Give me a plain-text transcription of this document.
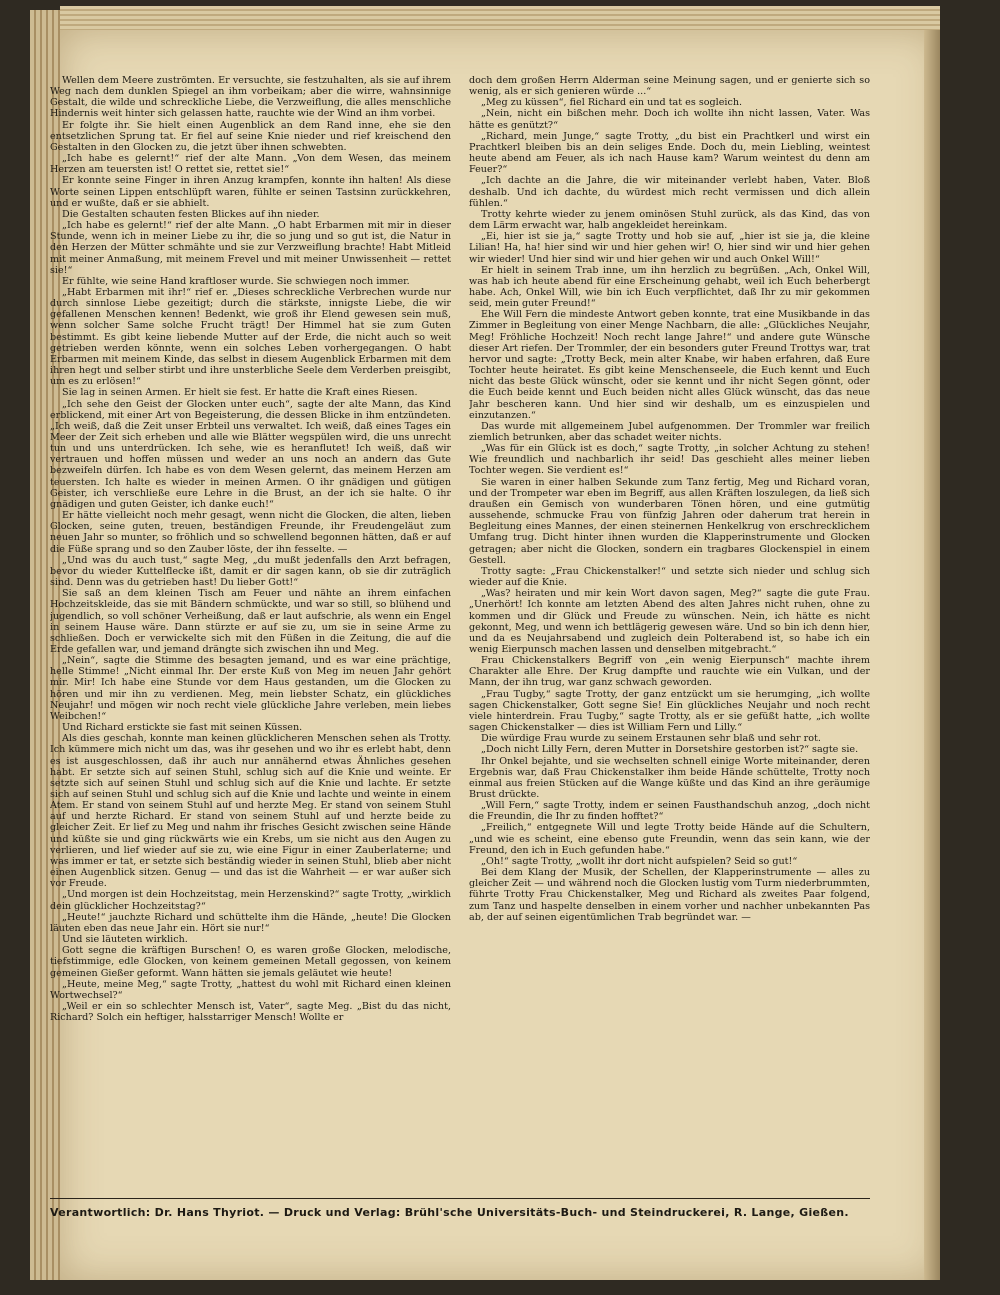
Wellen dem Meere zuströmten. Er versuchte, sie festzuhalten, als sie auf ihrem Weg nach dem dunklen Spiegel an ihm vorbeikam; aber die wirre, wahnsinnige Gestalt, die wilde und schreckliche Liebe, die Verzweiflung, die alles menschliche Hindernis weit hinter sich gelassen hatte, rauchte wie der Wind an ihm vorbei.

Er folgte ihr. Sie hielt einen Augenblick an dem Rand inne, ehe sie den entsetzlichen Sprung tat. Er fiel auf seine Knie nieder und rief kreischend den Gestalten in den Glocken zu, die jetzt über ihnen schwebten.

„Ich habe es gelernt!“ rief der alte Mann. „Von dem Wesen, das meinem Herzen am teuersten ist! O rettet sie, rettet sie!“

Er konnte seine Finger in ihren Anzug krampfen, konnte ihn halten! Als diese Worte seinen Lippen entschlüpft waren, fühlte er seinen Tastsinn zurückkehren, und er wußte, daß er sie abhielt.

Die Gestalten schauten festen Blickes auf ihn nieder.

„Ich habe es gelernt!“ rief der alte Mann. „O habt Erbarmen mit mir in dieser Stunde, wenn ich in meiner Liebe zu ihr, die so jung und so gut ist, die Natur in den Herzen der Mütter schmähte und sie zur Verzweiflung brachte! Habt Mitleid mit meiner Anmaßung, mit meinem Frevel und mit meiner Unwissenheit — rettet sie!“

Er fühlte, wie seine Hand kraftloser wurde. Sie schwiegen noch immer.

„Habt Erbarmen mit ihr!“ rief er. „Dieses schreckliche Verbrechen wurde nur durch sinnlose Liebe gezeitigt; durch die stärkste, innigste Liebe, die wir gefallenen Menschen kennen! Bedenkt, wie groß ihr Elend gewesen sein muß, wenn solcher Same solche Frucht trägt! Der Himmel hat sie zum Guten bestimmt. Es gibt keine liebende Mutter auf der Erde, die nicht auch so weit getrieben werden könnte, wenn ein solches Leben vorhergegangen. O habt Erbarmen mit meinem Kinde, das selbst in diesem Augenblick Erbarmen mit dem ihren hegt und selber stirbt und ihre unsterbliche Seele dem Verderben preisgibt, um es zu erlösen!“

Sie lag in seinen Armen. Er hielt sie fest. Er hatte die Kraft eines Riesen.

„Ich sehe den Geist der Glocken unter euch“, sagte der alte Mann, das Kind erblickend, mit einer Art von Begeisterung, die dessen Blicke in ihm entzündeten. „Ich weiß, daß die Zeit unser Erbteil uns verwaltet. Ich weiß, daß eines Tages ein Meer der Zeit sich erheben und alle wie Blätter wegspülen wird, die uns unrecht tun und uns unterdrücken. Ich sehe, wie es heranflutet! Ich weiß, daß wir vertrauen und hoffen müssen und weder an uns noch an andern das Gute bezweifeln dürfen. Ich habe es von dem Wesen gelernt, das meinem Herzen am teuersten. Ich halte es wieder in meinen Armen. O ihr gnädigen und gütigen Geister, ich verschließe eure Lehre in die Brust, an der ich sie halte. O ihr gnädigen und guten Geister, ich danke euch!“

Er hätte vielleicht noch mehr gesagt, wenn nicht die Glocken, die alten, lieben Glocken, seine guten, treuen, beständigen Freunde, ihr Freudengeläut zum neuen Jahr so munter, so fröhlich und so schwellend begonnen hätten, daß er auf die Füße sprang und so den Zauber löste, der ihn fesselte. —

„Und was du auch tust,“ sagte Meg, „du mußt jedenfalls den Arzt befragen, bevor du wieder Kuttelflecke ißt, damit er dir sagen kann, ob sie dir zuträglich sind. Denn was du getrieben hast! Du lieber Gott!“

Sie saß an dem kleinen Tisch am Feuer und nähte an ihrem einfachen Hochzeitskleide, das sie mit Bändern schmückte, und war so still, so blühend und jugendlich, so voll schöner Verheißung, daß er laut aufschrie, als wenn ein Engel in seinem Hause wäre. Dann stürzte er auf sie zu, um sie in seine Arme zu schließen. Doch er verwickelte sich mit den Füßen in die Zeitung, die auf die Erde gefallen war, und jemand drängte sich zwischen ihn und Meg.

„Nein“, sagte die Stimme des besagten jemand, und es war eine prächtige, helle Stimme! „Nicht einmal Ihr. Der erste Kuß von Meg im neuen Jahr gehört mir. Mir! Ich habe eine Stunde vor dem Haus gestanden, um die Glocken zu hören und mir ihn zu verdienen. Meg, mein liebster Schatz, ein glückliches Neujahr! und mögen wir noch recht viele glückliche Jahre verleben, mein liebes Weibchen!“

Und Richard erstickte sie fast mit seinen Küssen.

Als dies geschah, konnte man keinen glücklicheren Menschen sehen als Trotty. Ich kümmere mich nicht um das, was ihr gesehen und wo ihr es erlebt habt, denn es ist ausgeschlossen, daß ihr auch nur annähernd etwas Ähnliches gesehen habt. Er setzte sich auf seinen Stuhl, schlug sich auf die Knie und weinte. Er setzte sich auf seinen Stuhl und schlug sich auf die Knie und lachte. Er setzte sich auf seinen Stuhl und schlug sich auf die Knie und lachte und weinte in einem Atem. Er stand von seinem Stuhl auf und herzte Meg. Er stand von seinem Stuhl auf und herzte Richard. Er stand von seinem Stuhl auf und herzte beide zu gleicher Zeit. Er lief zu Meg und nahm ihr frisches Gesicht zwischen seine Hände und küßte sie und ging rückwärts wie ein Krebs, um sie nicht aus den Augen zu verlieren, und lief wieder auf sie zu, wie eine Figur in einer Zauberlaterne; und was immer er tat, er setzte sich beständig wieder in seinen Stuhl, blieb aber nicht einen Augenblick sitzen. Genug — und das ist die Wahrheit — er war außer sich vor Freude.

„Und morgen ist dein Hochzeitstag, mein Herzenskind?“ sagte Trotty, „wirklich dein glücklicher Hochzeitstag?“

„Heute!“ jauchzte Richard und schüttelte ihm die Hände, „heute! Die Glocken läuten eben das neue Jahr ein. Hört sie nur!“

Und sie läuteten wirklich.

Gott segne die kräftigen Burschen! O, es waren große Glocken, melodische, tiefstimmige, edle Glocken, von keinem gemeinen Metall gegossen, von keinem gemeinen Gießer geformt. Wann hätten sie jemals geläutet wie heute!

„Heute, meine Meg,“ sagte Trotty, „hattest du wohl mit Richard einen kleinen Wortwechsel?“

„Weil er ein so schlechter Mensch ist, Vater“, sagte Meg. „Bist du das nicht, Richard? Solch ein heftiger, halsstarriger Mensch! Wollte er

doch dem großen Herrn Alderman seine Meinung sagen, und er genierte sich so wenig, als er sich genieren würde ...“

„Meg zu küssen“, fiel Richard ein und tat es sogleich.

„Nein, nicht ein bißchen mehr. Doch ich wollte ihn nicht lassen, Vater. Was hätte es genützt?“

„Richard, mein Junge,“ sagte Trotty, „du bist ein Prachtkerl und wirst ein Prachtkerl bleiben bis an dein seliges Ende. Doch du, mein Liebling, weintest heute abend am Feuer, als ich nach Hause kam? Warum weintest du denn am Feuer?“

„Ich dachte an die Jahre, die wir miteinander verlebt haben, Vater. Bloß deshalb. Und ich dachte, du würdest mich recht vermissen und dich allein fühlen.“

Trotty kehrte wieder zu jenem ominösen Stuhl zurück, als das Kind, das von dem Lärm erwacht war, halb angekleidet hereinkam.

„Ei, hier ist sie ja,“ sagte Trotty und hob sie auf, „hier ist sie ja, die kleine Lilian! Ha, ha! hier sind wir und hier gehen wir! O, hier sind wir und hier gehen wir wieder! Und hier sind wir und hier gehen wir und auch Onkel Will!“

Er hielt in seinem Trab inne, um ihn herzlich zu begrüßen. „Ach, Onkel Will, was hab ich heute abend für eine Erscheinung gehabt, weil ich Euch beherbergt habe. Ach, Onkel Will, wie bin ich Euch verpflichtet, daß Ihr zu mir gekommen seid, mein guter Freund!“

Ehe Will Fern die mindeste Antwort geben konnte, trat eine Musikbande in das Zimmer in Begleitung von einer Menge Nachbarn, die alle: „Glückliches Neujahr, Meg! Fröhliche Hochzeit! Noch recht lange Jahre!“ und andere gute Wünsche dieser Art riefen. Der Trommler, der ein besonders guter Freund Trottys war, trat hervor und sagte: „Trotty Beck, mein alter Knabe, wir haben erfahren, daß Eure Tochter heute heiratet. Es gibt keine Menschenseele, die Euch kennt und Euch nicht das beste Glück wünscht, oder sie kennt und ihr nicht Segen gönnt, oder die Euch beide kennt und Euch beiden nicht alles Glück wünscht, das das neue Jahr bescheren kann. Und hier sind wir deshalb, um es einzuspielen und einzutanzen.“

Das wurde mit allgemeinem Jubel aufgenommen. Der Trommler war freilich ziemlich betrunken, aber das schadet weiter nichts.

„Was für ein Glück ist es doch,“ sagte Trotty, „in solcher Achtung zu stehen! Wie freundlich und nachbarlich ihr seid! Das geschieht alles meiner lieben Tochter wegen. Sie verdient es!“

Sie waren in einer halben Sekunde zum Tanz fertig, Meg und Richard voran, und der Trompeter war eben im Begriff, aus allen Kräften loszulegen, da ließ sich draußen ein Gemisch von wunderbaren Tönen hören, und eine gutmütig aussehende, schmucke Frau von fünfzig Jahren oder daherum trat herein in Begleitung eines Mannes, der einen steinernen Henkelkrug von erschrecklichem Umfang trug. Dicht hinter ihnen wurden die Klapperinstrumente und Glocken getragen; aber nicht die Glocken, sondern ein tragbares Glockenspiel in einem Gestell.

Trotty sagte: „Frau Chickenstalker!“ und setzte sich nieder und schlug sich wieder auf die Knie.

„Was? heiraten und mir kein Wort davon sagen, Meg?“ sagte die gute Frau. „Unerhört! Ich konnte am letzten Abend des alten Jahres nicht ruhen, ohne zu kommen und dir Glück und Freude zu wünschen. Nein, ich hätte es nicht gekonnt, Meg, und wenn ich bettlägerig gewesen wäre. Und so bin ich denn hier, und da es Neujahrsabend und zugleich dein Polterabend ist, so habe ich ein wenig Eierpunsch machen lassen und denselben mitgebracht.“

Frau Chickenstalkers Begriff von „ein wenig Eierpunsch“ machte ihrem Charakter alle Ehre. Der Krug dampfte und rauchte wie ein Vulkan, und der Mann, der ihn trug, war ganz schwach geworden.

„Frau Tugby,“ sagte Trotty, der ganz entzückt um sie herumging, „ich wollte sagen Chickenstalker, Gott segne Sie! Ein glückliches Neujahr und noch recht viele hinterdrein. Frau Tugby,“ sagte Trotty, als er sie gefüßt hatte, „ich wollte sagen Chickenstalker — dies ist William Fern und Lilly.“

Die würdige Frau wurde zu seinem Erstaunen sehr blaß und sehr rot.

„Doch nicht Lilly Fern, deren Mutter in Dorsetshire gestorben ist?“ sagte sie.

Ihr Onkel bejahte, und sie wechselten schnell einige Worte miteinander, deren Ergebnis war, daß Frau Chickenstalker ihm beide Hände schüttelte, Trotty noch einmal aus freien Stücken auf die Wange küßte und das Kind an ihre geräumige Brust drückte.

„Will Fern,“ sagte Trotty, indem er seinen Fausthandschuh anzog, „doch nicht die Freundin, die Ihr zu finden hofftet?“

„Freilich,“ entgegnete Will und legte Trotty beide Hände auf die Schultern, „und wie es scheint, eine ebenso gute Freundin, wenn das sein kann, wie der Freund, den ich in Euch gefunden habe.“

„Oh!“ sagte Trotty, „wollt ihr dort nicht aufspielen? Seid so gut!“

Bei dem Klang der Musik, der Schellen, der Klapperinstrumente — alles zu gleicher Zeit — und während noch die Glocken lustig vom Turm niederbrummten, führte Trotty Frau Chickenstalker, Meg und Richard als zweites Paar folgend, zum Tanz und haspelte denselben in einem vorher und nachher unbekannten Pas ab, der auf seinen eigentümlichen Trab begründet war. —

Verantwortlich: Dr. Hans Thyriot. — Druck und Verlag: Brühl'sche Universitäts-Buch- und Steindruckerei, R. Lange, Gießen.
